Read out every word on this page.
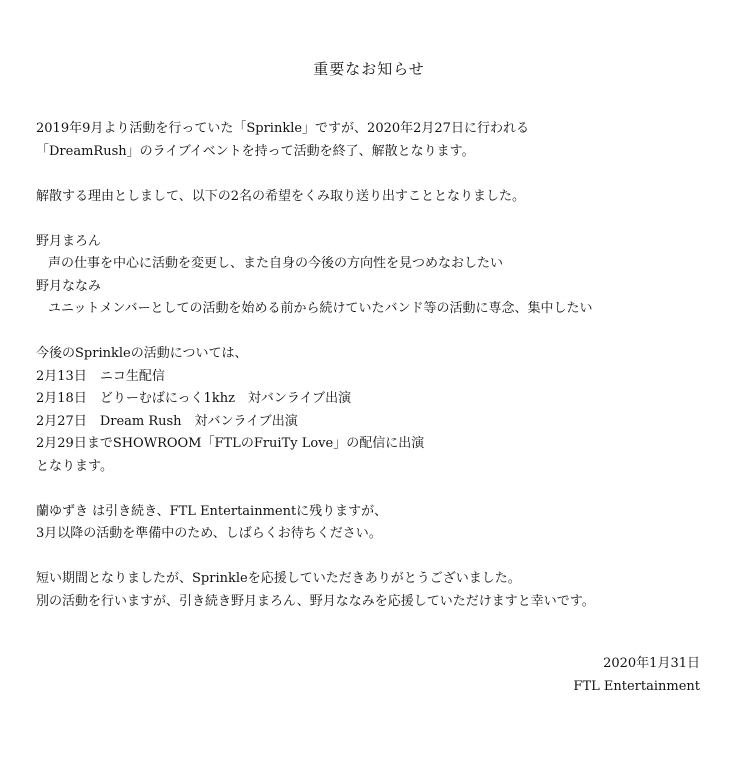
重要なお知らせ
2019年9月より活動を行っていた「Sprinkle」ですが、2020年2月27日に行われる
「DreamRush」のライブイベントを持って活動を終了、解散となります。
解散する理由としまして、以下の2名の希望をくみ取り送り出すこととなりました。
野月まろん
声の仕事を中心に活動を変更し、また自身の今後の方向性を見つめなおしたい
野月ななみ
ユニットメンバーとしての活動を始める前から続けていたバンド等の活動に専念、集中したい
今後のSprinkleの活動については、
2月13日　ニコ生配信
2月18日　どりーむばにっく1khz　対バンライブ出演
2月27日　Dream Rush　対バンライブ出演
2月29日までSHOWROOM「FTLのFruiTy Love」の配信に出演
となります。
蘭ゆずき は引き続き、FTL Entertainmentに残りますが、
3月以降の活動を準備中のため、しばらくお待ちください。
短い期間となりましたが、Sprinkleを応援していただきありがとうございました。
別の活動を行いますが、引き続き野月まろん、野月ななみを応援していただけますと幸いです。
2020年1月31日
FTL Entertainment
